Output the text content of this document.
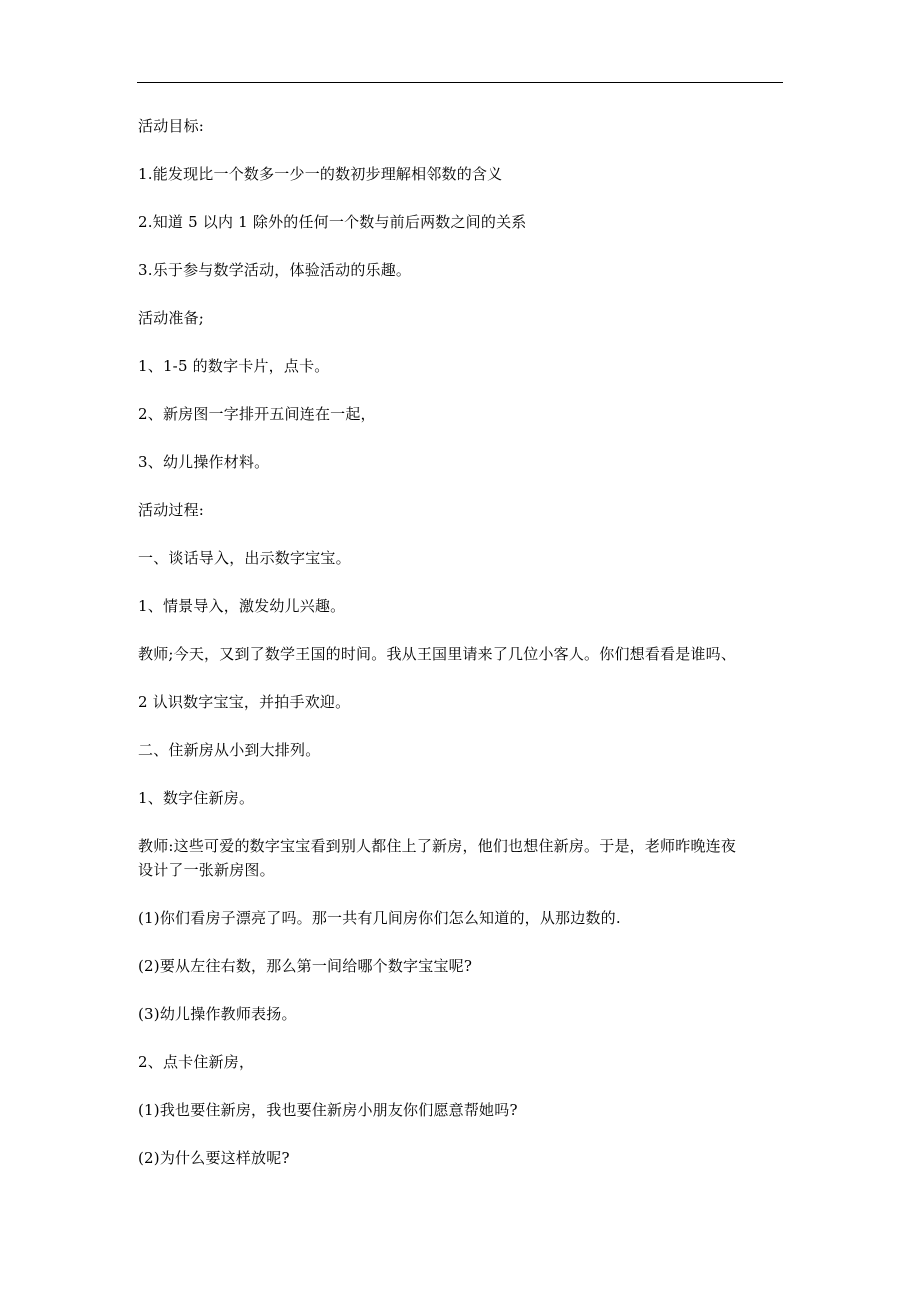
活动目标:
1.能发现比一个数多一少一的数初步理解相邻数的含义
2.知道 5 以内 1 除外的任何一个数与前后两数之间的关系
3.乐于参与数学活动，体验活动的乐趣。
活动准备;
1、1-5 的数字卡片，点卡。
2、新房图一字排开五间连在一起，
3、幼儿操作材料。
活动过程:
一、谈话导入，出示数字宝宝。
1、情景导入，激发幼儿兴趣。
教师;今天，又到了数学王国的时间。我从王国里请来了几位小客人。你们想看看是谁吗、
2 认识数字宝宝，并拍手欢迎。
二、住新房从小到大排列。
1、数字住新房。
教师:这些可爱的数字宝宝看到别人都住上了新房，他们也想住新房。于是，老师昨晚连夜
设计了一张新房图。
(1)你们看房子漂亮了吗。那一共有几间房你们怎么知道的，从那边数的.
(2)要从左往右数，那么第一间给哪个数字宝宝呢?
(3)幼儿操作教师表扬。
2、点卡住新房，
(1)我也要住新房，我也要住新房小朋友你们愿意帮她吗?
(2)为什么要这样放呢?
